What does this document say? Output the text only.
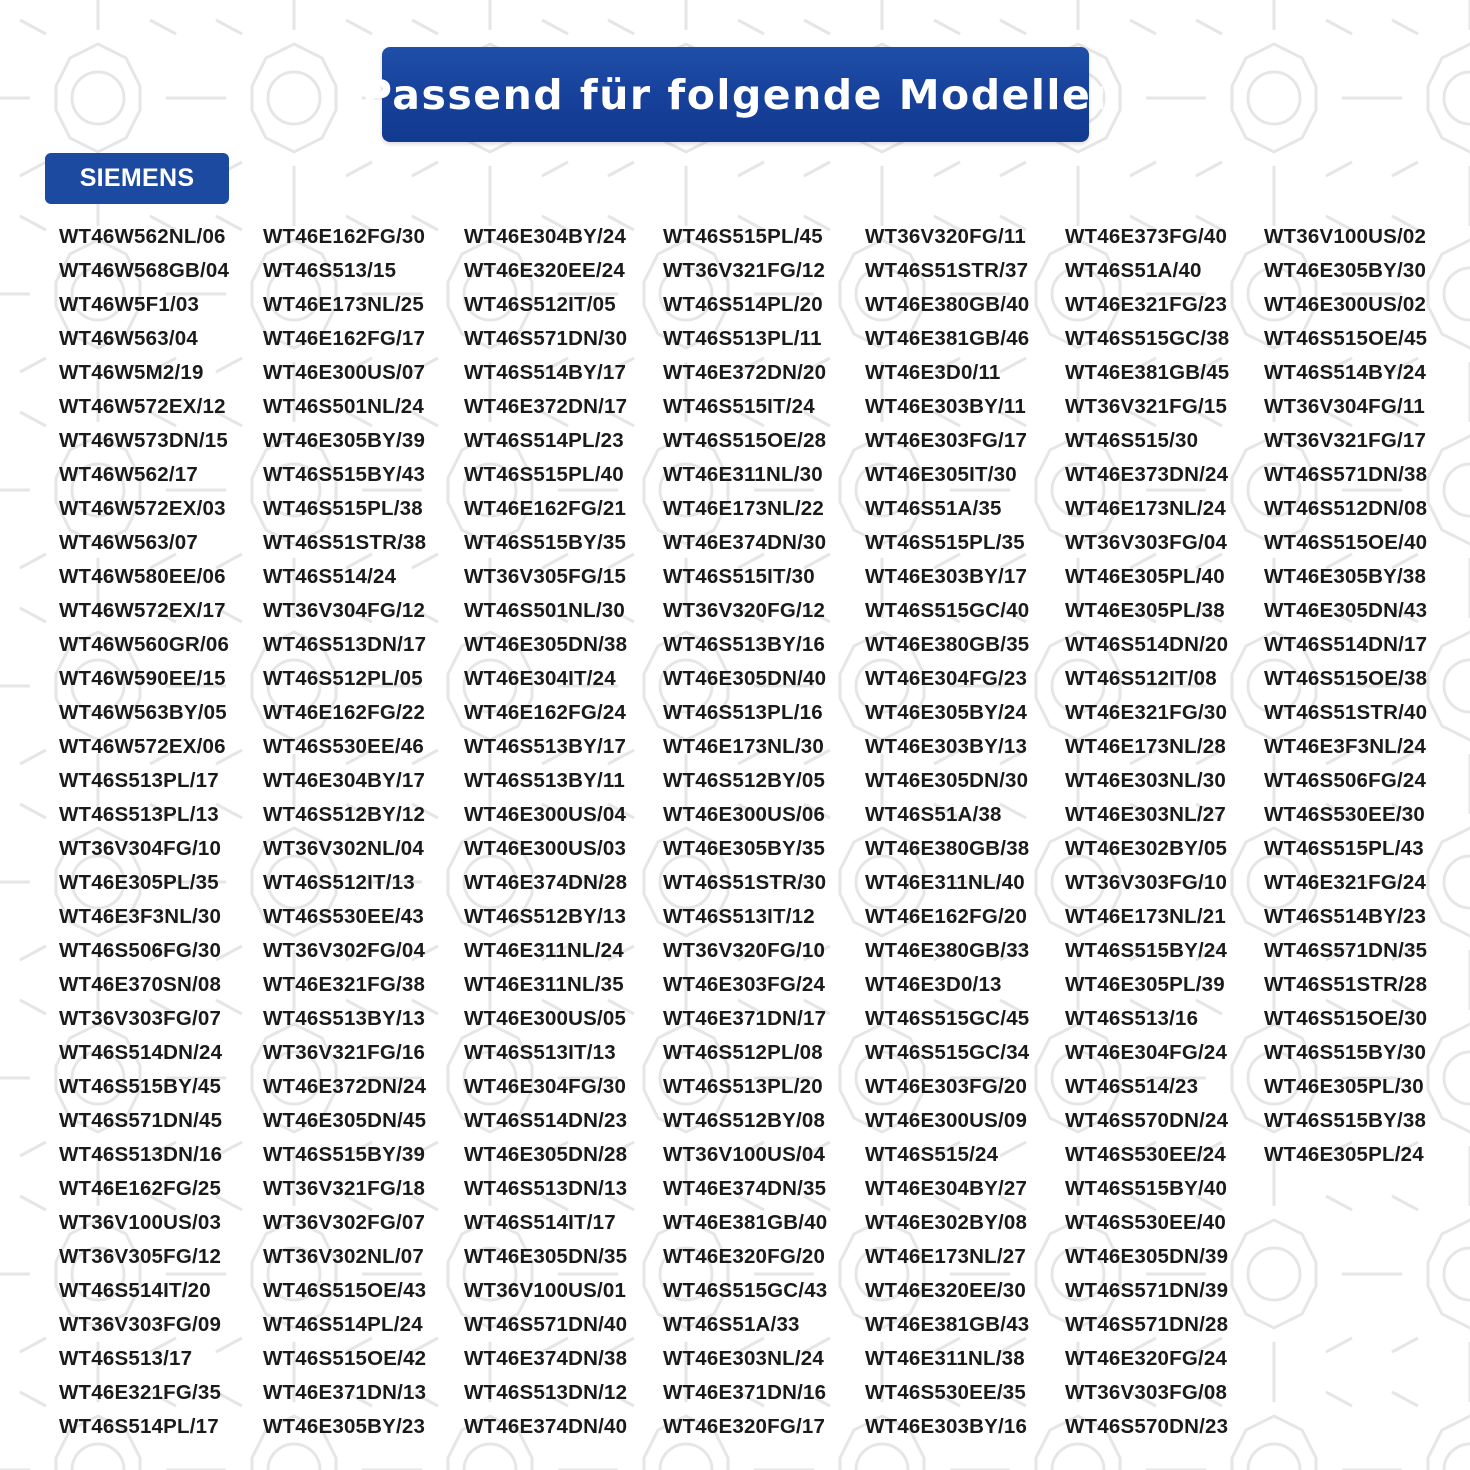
Passend für folgende Modelle:
SIEMENS
WT46W562NL/06
WT46W568GB/04
WT46W5F1/03
WT46W563/04
WT46W5M2/19
WT46W572EX/12
WT46W573DN/15
WT46W562/17
WT46W572EX/03
WT46W563/07
WT46W580EE/06
WT46W572EX/17
WT46W560GR/06
WT46W590EE/15
WT46W563BY/05
WT46W572EX/06
WT46S513PL/17
WT46S513PL/13
WT36V304FG/10
WT46E305PL/35
WT46E3F3NL/30
WT46S506FG/30
WT46E370SN/08
WT36V303FG/07
WT46S514DN/24
WT46S515BY/45
WT46S571DN/45
WT46S513DN/16
WT46E162FG/25
WT36V100US/03
WT36V305FG/12
WT46S514IT/20
WT36V303FG/09
WT46S513/17
WT46E321FG/35
WT46S514PL/17
WT46E162FG/30
WT46S513/15
WT46E173NL/25
WT46E162FG/17
WT46E300US/07
WT46S501NL/24
WT46E305BY/39
WT46S515BY/43
WT46S515PL/38
WT46S51STR/38
WT46S514/24
WT36V304FG/12
WT46S513DN/17
WT46S512PL/05
WT46E162FG/22
WT46S530EE/46
WT46E304BY/17
WT46S512BY/12
WT36V302NL/04
WT46S512IT/13
WT46S530EE/43
WT36V302FG/04
WT46E321FG/38
WT46S513BY/13
WT36V321FG/16
WT46E372DN/24
WT46E305DN/45
WT46S515BY/39
WT36V321FG/18
WT36V302FG/07
WT36V302NL/07
WT46S515OE/43
WT46S514PL/24
WT46S515OE/42
WT46E371DN/13
WT46E305BY/23
WT46E304BY/24
WT46E320EE/24
WT46S512IT/05
WT46S571DN/30
WT46S514BY/17
WT46E372DN/17
WT46S514PL/23
WT46S515PL/40
WT46E162FG/21
WT46S515BY/35
WT36V305FG/15
WT46S501NL/30
WT46E305DN/38
WT46E304IT/24
WT46E162FG/24
WT46S513BY/17
WT46S513BY/11
WT46E300US/04
WT46E300US/03
WT46E374DN/28
WT46S512BY/13
WT46E311NL/24
WT46E311NL/35
WT46E300US/05
WT46S513IT/13
WT46E304FG/30
WT46S514DN/23
WT46E305DN/28
WT46S513DN/13
WT46S514IT/17
WT46E305DN/35
WT36V100US/01
WT46S571DN/40
WT46E374DN/38
WT46S513DN/12
WT46E374DN/40
WT46S515PL/45
WT36V321FG/12
WT46S514PL/20
WT46S513PL/11
WT46E372DN/20
WT46S515IT/24
WT46S515OE/28
WT46E311NL/30
WT46E173NL/22
WT46E374DN/30
WT46S515IT/30
WT36V320FG/12
WT46S513BY/16
WT46E305DN/40
WT46S513PL/16
WT46E173NL/30
WT46S512BY/05
WT46E300US/06
WT46E305BY/35
WT46S51STR/30
WT46S513IT/12
WT36V320FG/10
WT46E303FG/24
WT46E371DN/17
WT46S512PL/08
WT46S513PL/20
WT46S512BY/08
WT36V100US/04
WT46E374DN/35
WT46E381GB/40
WT46E320FG/20
WT46S515GC/43
WT46S51A/33
WT46E303NL/24
WT46E371DN/16
WT46E320FG/17
WT36V320FG/11
WT46S51STR/37
WT46E380GB/40
WT46E381GB/46
WT46E3D0/11
WT46E303BY/11
WT46E303FG/17
WT46E305IT/30
WT46S51A/35
WT46S515PL/35
WT46E303BY/17
WT46S515GC/40
WT46E380GB/35
WT46E304FG/23
WT46E305BY/24
WT46E303BY/13
WT46E305DN/30
WT46S51A/38
WT46E380GB/38
WT46E311NL/40
WT46E162FG/20
WT46E380GB/33
WT46E3D0/13
WT46S515GC/45
WT46S515GC/34
WT46E303FG/20
WT46E300US/09
WT46S515/24
WT46E304BY/27
WT46E302BY/08
WT46E173NL/27
WT46E320EE/30
WT46E381GB/43
WT46E311NL/38
WT46S530EE/35
WT46E303BY/16
WT46E373FG/40
WT46S51A/40
WT46E321FG/23
WT46S515GC/38
WT46E381GB/45
WT36V321FG/15
WT46S515/30
WT46E373DN/24
WT46E173NL/24
WT36V303FG/04
WT46E305PL/40
WT46E305PL/38
WT46S514DN/20
WT46S512IT/08
WT46E321FG/30
WT46E173NL/28
WT46E303NL/30
WT46E303NL/27
WT46E302BY/05
WT36V303FG/10
WT46E173NL/21
WT46S515BY/24
WT46E305PL/39
WT46S513/16
WT46E304FG/24
WT46S514/23
WT46S570DN/24
WT46S530EE/24
WT46S515BY/40
WT46S530EE/40
WT46E305DN/39
WT46S571DN/39
WT46S571DN/28
WT46E320FG/24
WT36V303FG/08
WT46S570DN/23
WT36V100US/02
WT46E305BY/30
WT46E300US/02
WT46S515OE/45
WT46S514BY/24
WT36V304FG/11
WT36V321FG/17
WT46S571DN/38
WT46S512DN/08
WT46S515OE/40
WT46E305BY/38
WT46E305DN/43
WT46S514DN/17
WT46S515OE/38
WT46S51STR/40
WT46E3F3NL/24
WT46S506FG/24
WT46S530EE/30
WT46S515PL/43
WT46E321FG/24
WT46S514BY/23
WT46S571DN/35
WT46S51STR/28
WT46S515OE/30
WT46S515BY/30
WT46E305PL/30
WT46S515BY/38
WT46E305PL/24
